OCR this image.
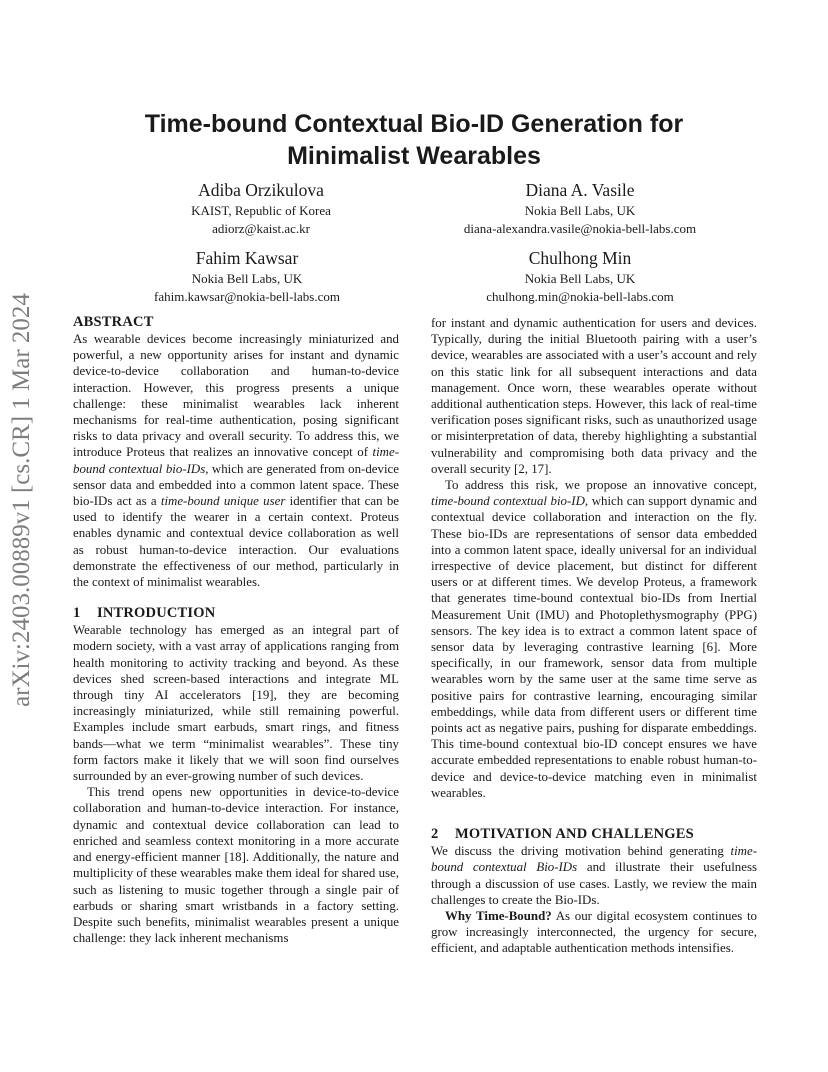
arXiv:2403.00889v1 [cs.CR] 1 Mar 2024
Time-bound Contextual Bio-ID Generation for Minimalist Wearables
Adiba Orzikulova
KAIST, Republic of Korea
adiorz@kaist.ac.kr
Diana A. Vasile
Nokia Bell Labs, UK
diana-alexandra.vasile@nokia-bell-labs.com
Fahim Kawsar
Nokia Bell Labs, UK
fahim.kawsar@nokia-bell-labs.com
Chulhong Min
Nokia Bell Labs, UK
chulhong.min@nokia-bell-labs.com
ABSTRACT

As wearable devices become increasingly miniaturized and powerful, a new opportunity arises for instant and dynamic device-to-device collaboration and human-to-device interaction. However, this progress presents a unique challenge: these minimalist wearables lack inherent mechanisms for real-time authentication, posing significant risks to data privacy and overall security. To address this, we introduce Proteus that realizes an innovative concept of time-bound contextual bio-IDs, which are generated from on-device sensor data and embedded into a common latent space. These bio-IDs act as a time-bound unique user identifier that can be used to identify the wearer in a certain context. Proteus enables dynamic and contextual device collaboration as well as robust human-to-device interaction. Our evaluations demonstrate the effectiveness of our method, particularly in the context of minimalist wearables.

1 INTRODUCTION

Wearable technology has emerged as an integral part of modern society, with a vast array of applications ranging from health monitoring to activity tracking and beyond. As these devices shed screen-based interactions and integrate ML through tiny AI accelerators [19], they are becoming increasingly miniaturized, while still remaining powerful. Examples include smart earbuds, smart rings, and fitness bands—what we term “minimalist wearables”. These tiny form factors make it likely that we will soon find ourselves surrounded by an ever-growing number of such devices.

This trend opens new opportunities in device-to-device collaboration and human-to-device interaction. For instance, dynamic and contextual device collaboration can lead to enriched and seamless context monitoring in a more accurate and energy-efficient manner [18]. Additionally, the nature and multiplicity of these wearables make them ideal for shared use, such as listening to music together through a single pair of earbuds or sharing smart wristbands in a factory setting. Despite such benefits, minimalist wearables present a unique challenge: they lack inherent mechanisms

for instant and dynamic authentication for users and devices. Typically, during the initial Bluetooth pairing with a user’s device, wearables are associated with a user’s account and rely on this static link for all subsequent interactions and data management. Once worn, these wearables operate without additional authentication steps. However, this lack of real-time verification poses significant risks, such as unauthorized usage or misinterpretation of data, thereby highlighting a substantial vulnerability and compromising both data privacy and the overall security [2, 17].

To address this risk, we propose an innovative concept, time-bound contextual bio-ID, which can support dynamic and contextual device collaboration and interaction on the fly. These bio-IDs are representations of sensor data embedded into a common latent space, ideally universal for an individual irrespective of device placement, but distinct for different users or at different times. We develop Proteus, a framework that generates time-bound contextual bio-IDs from Inertial Measurement Unit (IMU) and Photoplethysmography (PPG) sensors. The key idea is to extract a common latent space of sensor data by leveraging contrastive learning [6]. More specifically, in our framework, sensor data from multiple wearables worn by the same user at the same time serve as positive pairs for contrastive learning, encouraging similar embeddings, while data from different users or different time points act as negative pairs, pushing for disparate embeddings. This time-bound contextual bio-ID concept ensures we have accurate embedded representations to enable robust human-to-device and device-to-device matching even in minimalist wearables.

2 MOTIVATION AND CHALLENGES

We discuss the driving motivation behind generating time-bound contextual Bio-IDs and illustrate their usefulness through a discussion of use cases. Lastly, we review the main challenges to create the Bio-IDs.

Why Time-Bound? As our digital ecosystem continues to grow increasingly interconnected, the urgency for secure, efficient, and adaptable authentication methods intensifies.
